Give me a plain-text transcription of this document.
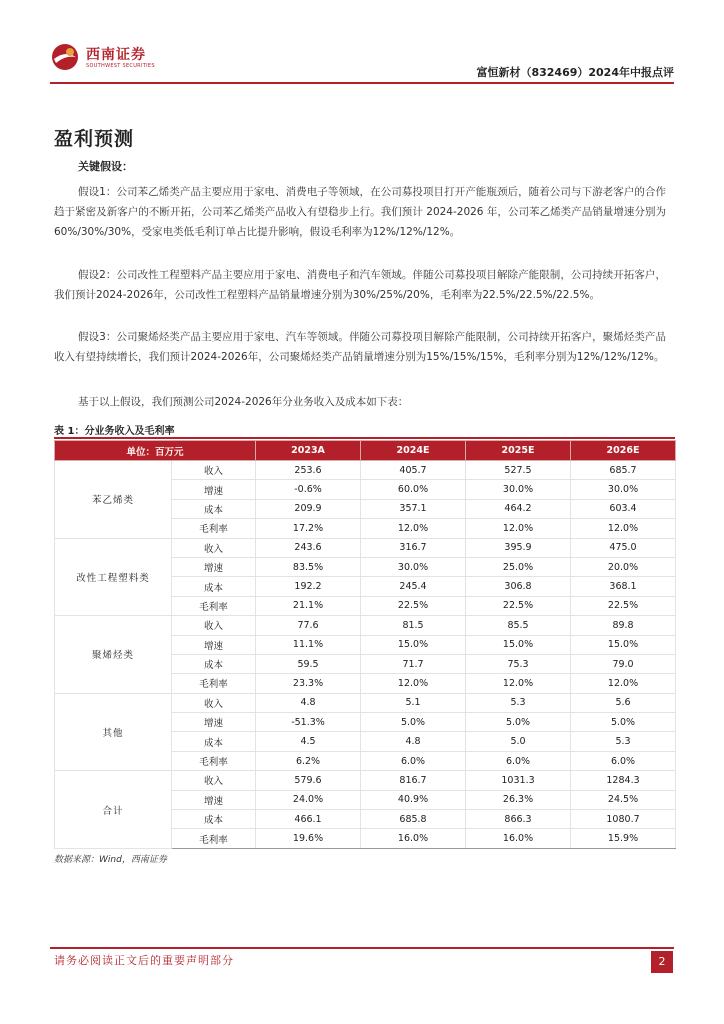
西南证券
SOUTHWEST SECURITIES	富恒新材（832469）2024年中报点评
盈利预测
关键假设：
假设1：公司苯乙烯类产品主要应用于家电、消费电子等领域，在公司募投项目打开产能瓶颈后，随着公司与下游老客户的合作趋于紧密及新客户的不断开拓，公司苯乙烯类产品收入有望稳步上行。我们预计 2024-2026 年，公司苯乙烯类产品销量增速分别为60%/30%/30%，受家电类低毛利订单占比提升影响，假设毛利率为12%/12%/12%。
假设2：公司改性工程塑料产品主要应用于家电、消费电子和汽车领域。伴随公司募投项目解除产能限制，公司持续开拓客户，我们预计2024-2026年，公司改性工程塑料产品销量增速分别为30%/25%/20%，毛利率为22.5%/22.5%/22.5%。
假设3：公司聚烯烃类产品主要应用于家电、汽车等领域。伴随公司募投项目解除产能限制，公司持续开拓客户，聚烯烃类产品收入有望持续增长，我们预计2024-2026年，公司聚烯烃类产品销量增速分别为15%/15%/15%，毛利率分别为12%/12%/12%。
基于以上假设，我们预测公司2024-2026年分业务收入及成本如下表：
表 1：分业务收入及毛利率
单位：百万元		2023A	2024E	2025E	2026E
苯乙烯类	收入	253.6	405.7	527.5	685.7
	增速	-0.6%	60.0%	30.0%	30.0%
	成本	209.9	357.1	464.2	603.4
	毛利率	17.2%	12.0%	12.0%	12.0%
改性工程塑料类	收入	243.6	316.7	395.9	475.0
	增速	83.5%	30.0%	25.0%	20.0%
	成本	192.2	245.4	306.8	368.1
	毛利率	21.1%	22.5%	22.5%	22.5%
聚烯烃类	收入	77.6	81.5	85.5	89.8
	增速	11.1%	15.0%	15.0%	15.0%
	成本	59.5	71.7	75.3	79.0
	毛利率	23.3%	12.0%	12.0%	12.0%
其他	收入	4.8	5.1	5.3	5.6
	增速	-51.3%	5.0%	5.0%	5.0%
	成本	4.5	4.8	5.0	5.3
	毛利率	6.2%	6.0%	6.0%	6.0%
合计	收入	579.6	816.7	1031.3	1284.3
	增速	24.0%	40.9%	26.3%	24.5%
	成本	466.1	685.8	866.3	1080.7
	毛利率	19.6%	16.0%	16.0%	15.9%
数据来源：Wind，西南证券
请务必阅读正文后的重要声明部分	2
